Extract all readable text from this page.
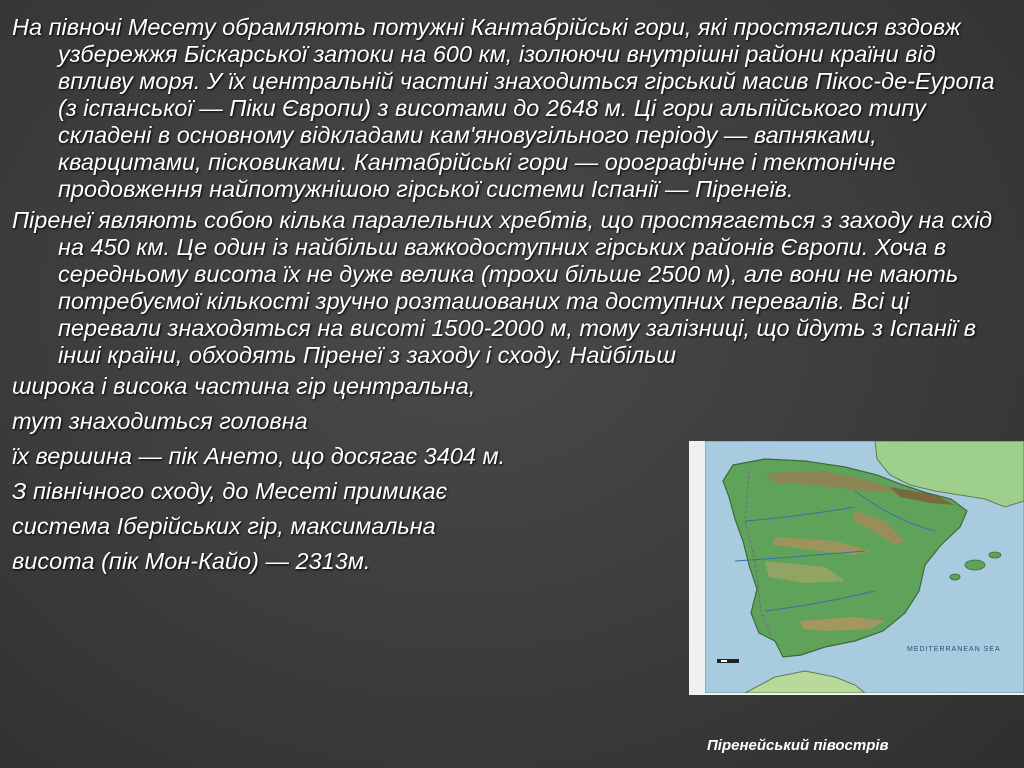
На півночі Месету обрамляють потужні Кантабрійські гори, які простяглися вздовж узбережжя Біскарської затоки на 600 км, ізолюючи внутрішні райони країни від впливу моря. У їх центральній частині знаходиться гірський масив Пікос-де-Еуропа (з іспанської — Піки Європи) з висотами до 2648 м. Ці гори альпійського типу складені в основному відкладами кам'яновугільного періоду — вапняками, кварцитами, пісковиками. Кантабрійські гори — орографічне і тектонічне продовження найпотужнішою гірської системи Іспанії — Піренеїв.

Піренеї являють собою кілька паралельних хребтів, що простягається з заходу на схід на 450 км. Це один із найбільш важкодоступних гірських районів Європи. Хоча в середньому висота їх не дуже велика (трохи більше 2500 м), але вони не мають потребуємої кількості зручно розташованих та доступних перевалів. Всі ці перевали знаходяться на висоті 1500-2000 м, тому залізниці, що йдуть з Іспанії в інші країни, обходять Піренеї з заходу і сходу. Найбільш

широка і висока частина гір центральна,

тут знаходиться головна

їх вершина — пік Ането, що досягає 3404 м.

З північного сходу, до Месеті примикає

система Іберійських гір, максимальна

висота (пік Мон-Кайо) — 2313м.

MEDITERRANEAN SEA
Піренейський півострів
